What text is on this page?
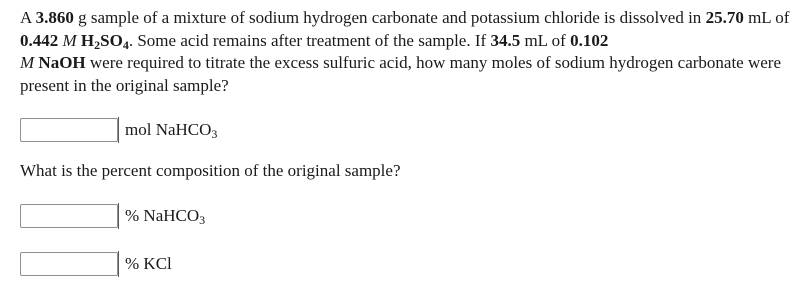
A 3.860 g sample of a mixture of sodium hydrogen carbonate and potassium chloride is dissolved in 25.70 mL of 0.442 M $H_2SO_4$. Some acid remains after treatment of the sample. If 34.5 mL of 0.102
M NaOH were required to titrate the excess sulfuric acid, how many moles of sodium hydrogen carbonate were present in the original sample?
mol NaHCO$_3$
What is the percent composition of the original sample?
% NaHCO$_3$
% KCl
